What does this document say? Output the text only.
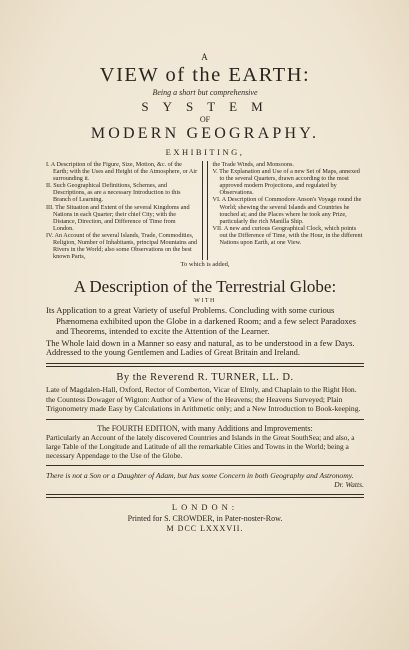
A
VIEW of the EARTH:
Being a short but comprehensive
SYSTEM
OF
MODERN GEOGRAPHY.
EXHIBITING,
I. A Description of the Figure, Size, Motion, &c. of the Earth; with the Uses and Height of the Atmosphere, or Air surrounding it.
II. Such Geographical Definitions, Schemes, and Descriptions, as are a necessary Introduction to this Branch of Learning.
III. The Situation and Extent of the several Kingdoms and Nations in each Quarter; their chief City; with the Distance, Direction, and Difference of Time from London.
IV. An Account of the several Islands, Trade, Commodities, Religion, Number of Inhabitants, principal Mountains and Rivers in the World; also some Observations on the best known Parts,
the Trade Winds, and Monsoons.
V. The Explanation and Use of a new Set of Maps, annexed to the several Quarters, drawn according to the most approved modern Projections, and regulated by Observations.
VI. A Description of Commodore Anson's Voyage round the World; shewing the several Islands and Countries he touched at; and the Places where he took any Prize, particularly the rich Manilla Ship.
VII. A new and curious Geographical Clock, which points out the Difference of Time, with the Hour, in the different Nations upon Earth, at one View.
To which is added,
A Description of the Terrestrial Globe:
WITH
Its Application to a great Variety of useful Problems. Concluding with some curious Phænomena exhibited upon the Globe in a darkened Room; and a few select Paradoxes and Theorems, intended to excite the Attention of the Learner.
The Whole laid down in a Manner so easy and natural, as to be understood in a few Days.
Addressed to the young Gentlemen and Ladies of Great Britain and Ireland.
By the Reverend R. TURNER, LL. D.
Late of Magdalen-Hall, Oxford, Rector of Comberton, Vicar of Elmly, and Chaplain to the Right Hon. the Countess Dowager of Wigton: Author of a View of the Heavens; the Heavens Surveyed; Plain Trigonometry made Easy by Calculations in Arithmetic only; and a New Introduction to Book-keeping.
The FOURTH EDITION, with many Additions and Improvements:
Particularly an Account of the lately discovered Countries and Islands in the Great SouthSea; and also, a large Table of the Longitude and Latitude of all the remarkable Cities and Towns in the World; being a necessary Appendage to the Use of the Globe.
There is not a Son or a Daughter of Adam, but has some Concern in both Geography and Astronomy.
Dr. Watts.
LONDON:
Printed for S. CROWDER, in Pater-noster-Row.
M DCC LXXXVII.
